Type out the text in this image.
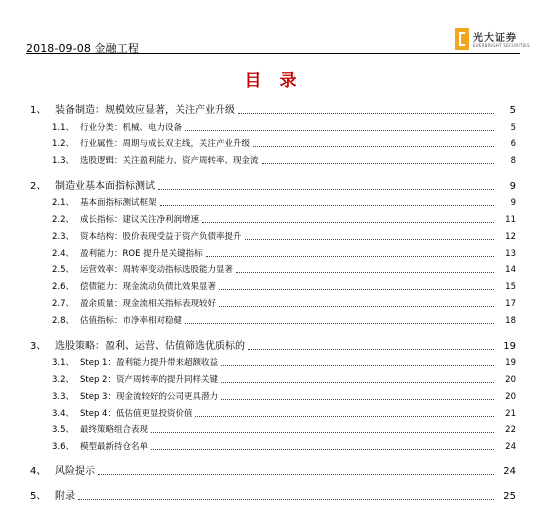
2018-09-08 金融工程
光大证券
EVERBRIGHT SECURITIES
目 录
1、 装备制造：规模效应显著，关注产业升级	5
1.1、 行业分类：机械、电力设备	5
1.2、 行业属性：周期与成长双主线，关注产业升级	6
1.3、 选股逻辑：关注盈利能力、资产周转率、现金流	8
2、 制造业基本面指标测试	9
2.1、 基本面指标测试框架	9
2.2、 成长指标：建议关注净利润增速	11
2.3、 资本结构：股价表现受益于资产负债率提升	12
2.4、 盈利能力：ROE 提升是关键指标	13
2.5、 运营效率：周转率变动指标选股能力显著	14
2.6、 偿债能力：现金流动负债比效果显著	15
2.7、 盈余质量：现金流相关指标表现较好	17
2.8、 估值指标：市净率相对稳健	18
3、 选股策略：盈利、运营、估值筛选优质标的	19
3.1、 Step 1：盈利能力提升带来超额收益	19
3.2、 Step 2：资产周转率的提升同样关键	20
3.3、 Step 3：现金流较好的公司更具潜力	20
3.4、 Step 4：低估值更显投资价值	21
3.5、 最终策略组合表现	22
3.6、 模型最新持仓名单	24
4、 风险提示	24
5、 附录	25
